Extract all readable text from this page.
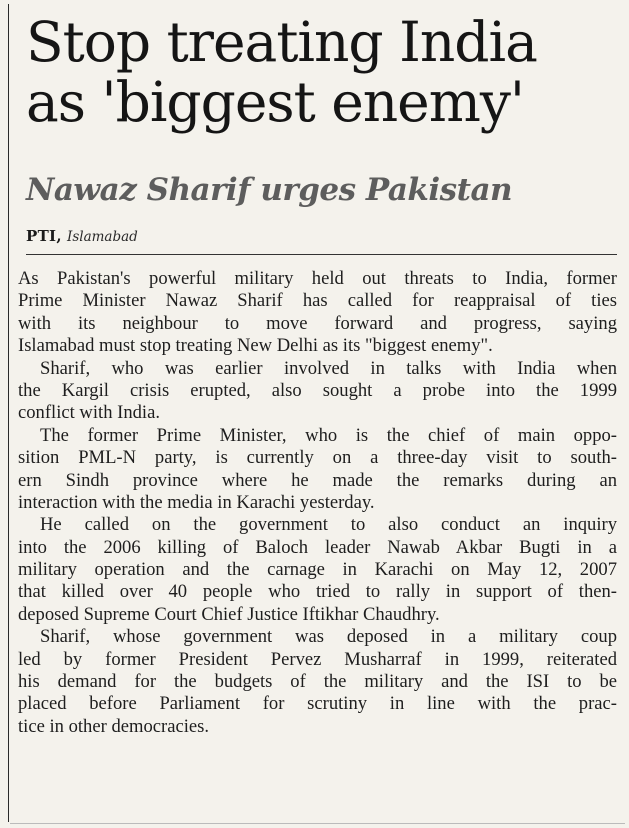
Stop treating India
as 'biggest enemy'
Nawaz Sharif urges Pakistan
PTI, Islamabad

As Pakistan's powerful military held out threats to India, former
Prime Minister Nawaz Sharif has called for reappraisal of ties
with its neighbour to move forward and progress, saying
Islamabad must stop treating New Delhi as its "biggest enemy".

Sharif, who was earlier involved in talks with India when
the Kargil crisis erupted, also sought a probe into the 1999
conflict with India.

The former Prime Minister, who is the chief of main oppo-
sition PML-N party, is currently on a three-day visit to south-
ern Sindh province where he made the remarks during an
interaction with the media in Karachi yesterday.

He called on the government to also conduct an inquiry
into the 2006 killing of Baloch leader Nawab Akbar Bugti in a
military operation and the carnage in Karachi on May 12, 2007
that killed over 40 people who tried to rally in support of then-
deposed Supreme Court Chief Justice Iftikhar Chaudhry.

Sharif, whose government was deposed in a military coup
led by former President Pervez Musharraf in 1999, reiterated
his demand for the budgets of the military and the ISI to be
placed before Parliament for scrutiny in line with the prac-
tice in other democracies.
